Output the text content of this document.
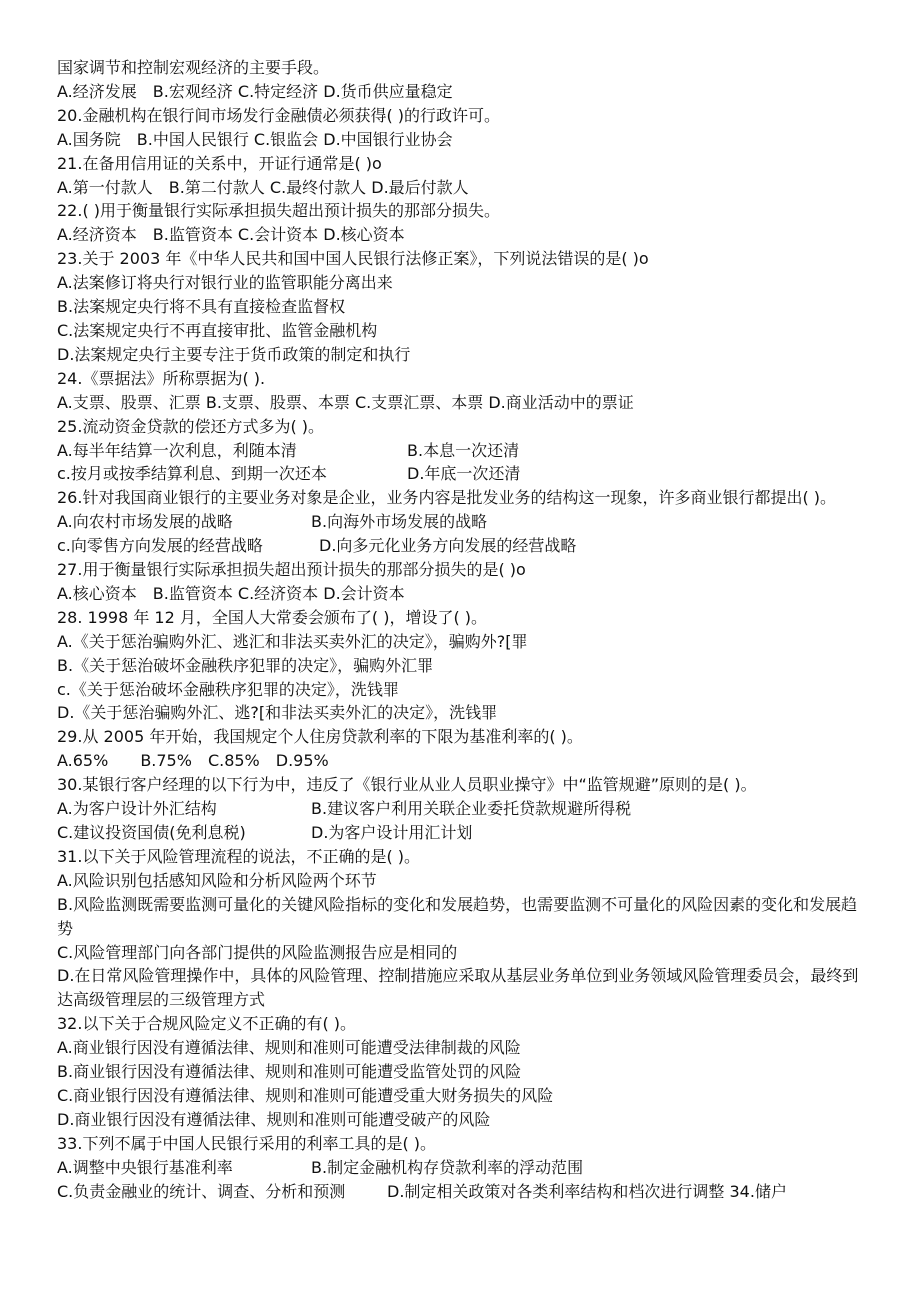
国家调节和控制宏观经济的主要手段。
A.经济发展　B.宏观经济 C.特定经济 D.货币供应量稳定
20.金融机构在银行间市场发行金融债必须获得( )的行政许可。
A.国务院　B.中国人民银行 C.银监会 D.中国银行业协会
21.在备用信用证的关系中，开证行通常是( )o
A.第一付款人　B.第二付款人 C.最终付款人 D.最后付款人
22.( )用于衡量银行实际承担损失超出预计损失的那部分损失。
A.经济资本　B.监管资本 C.会计资本 D.核心资本
23.关于 2003 年《中华人民共和国中国人民银行法修正案》，下列说法错误的是( )o
A.法案修订将央行对银行业的监管职能分离出来
B.法案规定央行将不具有直接检查监督权
C.法案规定央行不再直接审批、监管金融机构
D.法案规定央行主要专注于货币政策的制定和执行
24.《票据法》所称票据为( ).
A.支票、股票、汇票 B.支票、股票、本票 C.支票汇票、本票 D.商业活动中的票证
25.流动资金贷款的偿还方式多为( )。
A.每半年结算一次利息，利随本清	B.本息一次还清
c.按月或按季结算利息、到期一次还本	D.年底一次还清
26.针对我国商业银行的主要业务对象是企业，业务内容是批发业务的结构这一现象，许多商业银行都提出( )。
A.向农村市场发展的战略	B.向海外市场发展的战略
c.向零售方向发展的经营战略	D.向多元化业务方向发展的经营战略
27.用于衡量银行实际承担损失超出预计损失的那部分损失的是( )o
A.核心资本　B.监管资本 C.经济资本 D.会计资本
28. 1998 年 12 月，全国人大常委会颁布了( )，增设了( )。
A.《关于惩治骗购外汇、逃汇和非法买卖外汇的决定》，骗购外?[罪
B.《关于惩治破坏金融秩序犯罪的决定》，骗购外汇罪
c.《关于惩治破坏金融秩序犯罪的决定》，洗钱罪
D.《关于惩治骗购外汇、逃?[和非法买卖外汇的决定》，洗钱罪
29.从 2005 年开始，我国规定个人住房贷款利率的下限为基准利率的( )。
A.65%　　B.75%　C.85%　D.95%
30.某银行客户经理的以下行为中，违反了《银行业从业人员职业操守》中“监管规避”原则的是( )。
A.为客户设计外汇结构	B.建议客户利用关联企业委托贷款规避所得税
C.建议投资国债(免利息税)	D.为客户设计用汇计划
31.以下关于风险管理流程的说法，不正确的是( )。
A.风险识别包括感知风险和分析风险两个环节
B.风险监测既需要监测可量化的关键风险指标的变化和发展趋势，也需要监测不可量化的风险因素的变化和发展趋势
C.风险管理部门向各部门提供的风险监测报告应是相同的
D.在日常风险管理操作中，具体的风险管理、控制措施应采取从基层业务单位到业务领域风险管理委员会，最终到达高级管理层的三级管理方式
32.以下关于合规风险定义不正确的有( )。
A.商业银行因没有遵循法律、规则和准则可能遭受法律制裁的风险
B.商业银行因没有遵循法律、规则和准则可能遭受监管处罚的风险
C.商业银行因没有遵循法律、规则和准则可能遭受重大财务损失的风险
D.商业银行因没有遵循法律、规则和准则可能遭受破产的风险
33.下列不属于中国人民银行采用的利率工具的是( )。
A.调整中央银行基准利率	B.制定金融机构存贷款利率的浮动范围
C.负责金融业的统计、调查、分析和预测	D.制定相关政策对各类利率结构和档次进行调整 34.储户
